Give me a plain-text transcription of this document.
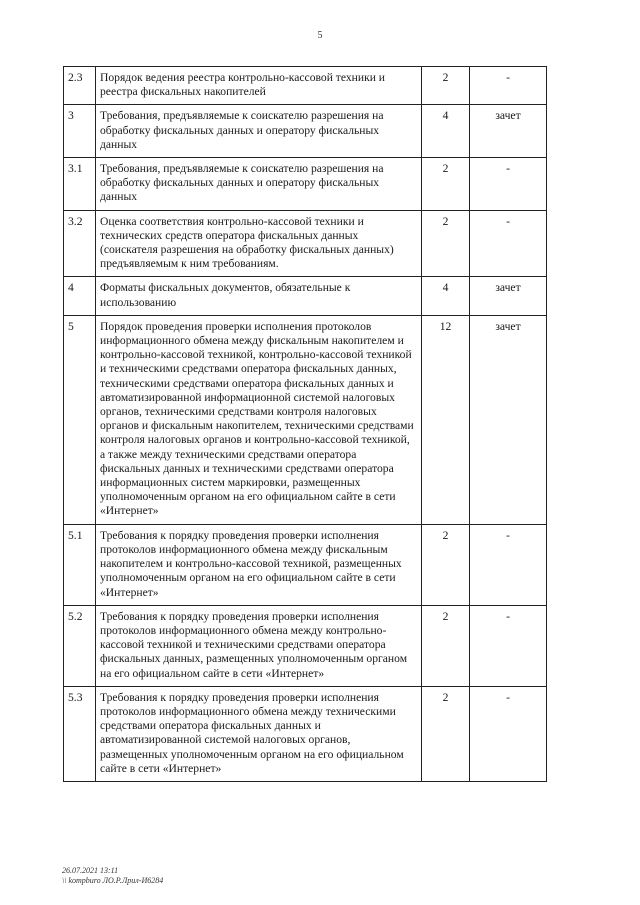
5
2.3	Порядок ведения реестра контрольно-кассовой техники и реестра фискальных накопителей	2	-
3	Требования, предъявляемые к соискателю разрешения на обработку фискальных данных и оператору фискальных данных	4	зачет
3.1	Требования, предъявляемые к соискателю разрешения на обработку фискальных данных и оператору фискальных данных	2	-
3.2	Оценка соответствия контрольно-кассовой техники и технических средств оператора фискальных данных (соискателя разрешения на обработку фискальных данных) предъявляемым к ним требованиям.	2	-
4	Форматы фискальных документов, обязательные к использованию	4	зачет
5	Порядок проведения проверки исполнения протоколов информационного обмена между фискальным накопителем и контрольно-кассовой техникой, контрольно-кассовой техникой и техническими средствами оператора фискальных данных, техническими средствами оператора фискальных данных и автоматизированной информационной системой налоговых органов, техническими средствами контроля налоговых органов и фискальным накопителем, техническими средствами контроля налоговых органов и контрольно-кассовой техникой, а также между техническими средствами оператора фискальных данных и техническими средствами оператора информационных систем маркировки, размещенных уполномоченным органом на его официальном сайте в сети «Интернет»	12	зачет
5.1	Требования к порядку проведения проверки исполнения протоколов информационного обмена между фискальным накопителем и контрольно-кассовой техникой, размещенных уполномоченным органом на его официальном сайте в сети «Интернет»	2	-
5.2	Требования к порядку проведения проверки исполнения протоколов информационного обмена между контрольно-кассовой техникой и техническими средствами оператора фискальных данных, размещенных уполномоченным органом на его официальном сайте в сети «Интернет»	2	-
5.3	Требования к порядку проведения проверки исполнения протоколов информационного обмена между техническими средствами оператора фискальных данных и автоматизированной системой налоговых органов, размещенных уполномоченным органом на его официальном сайте в сети «Интернет»	2	-
26.07.2021 13:11
\\ kompburo ЛО.Р.Лрил-И6284
